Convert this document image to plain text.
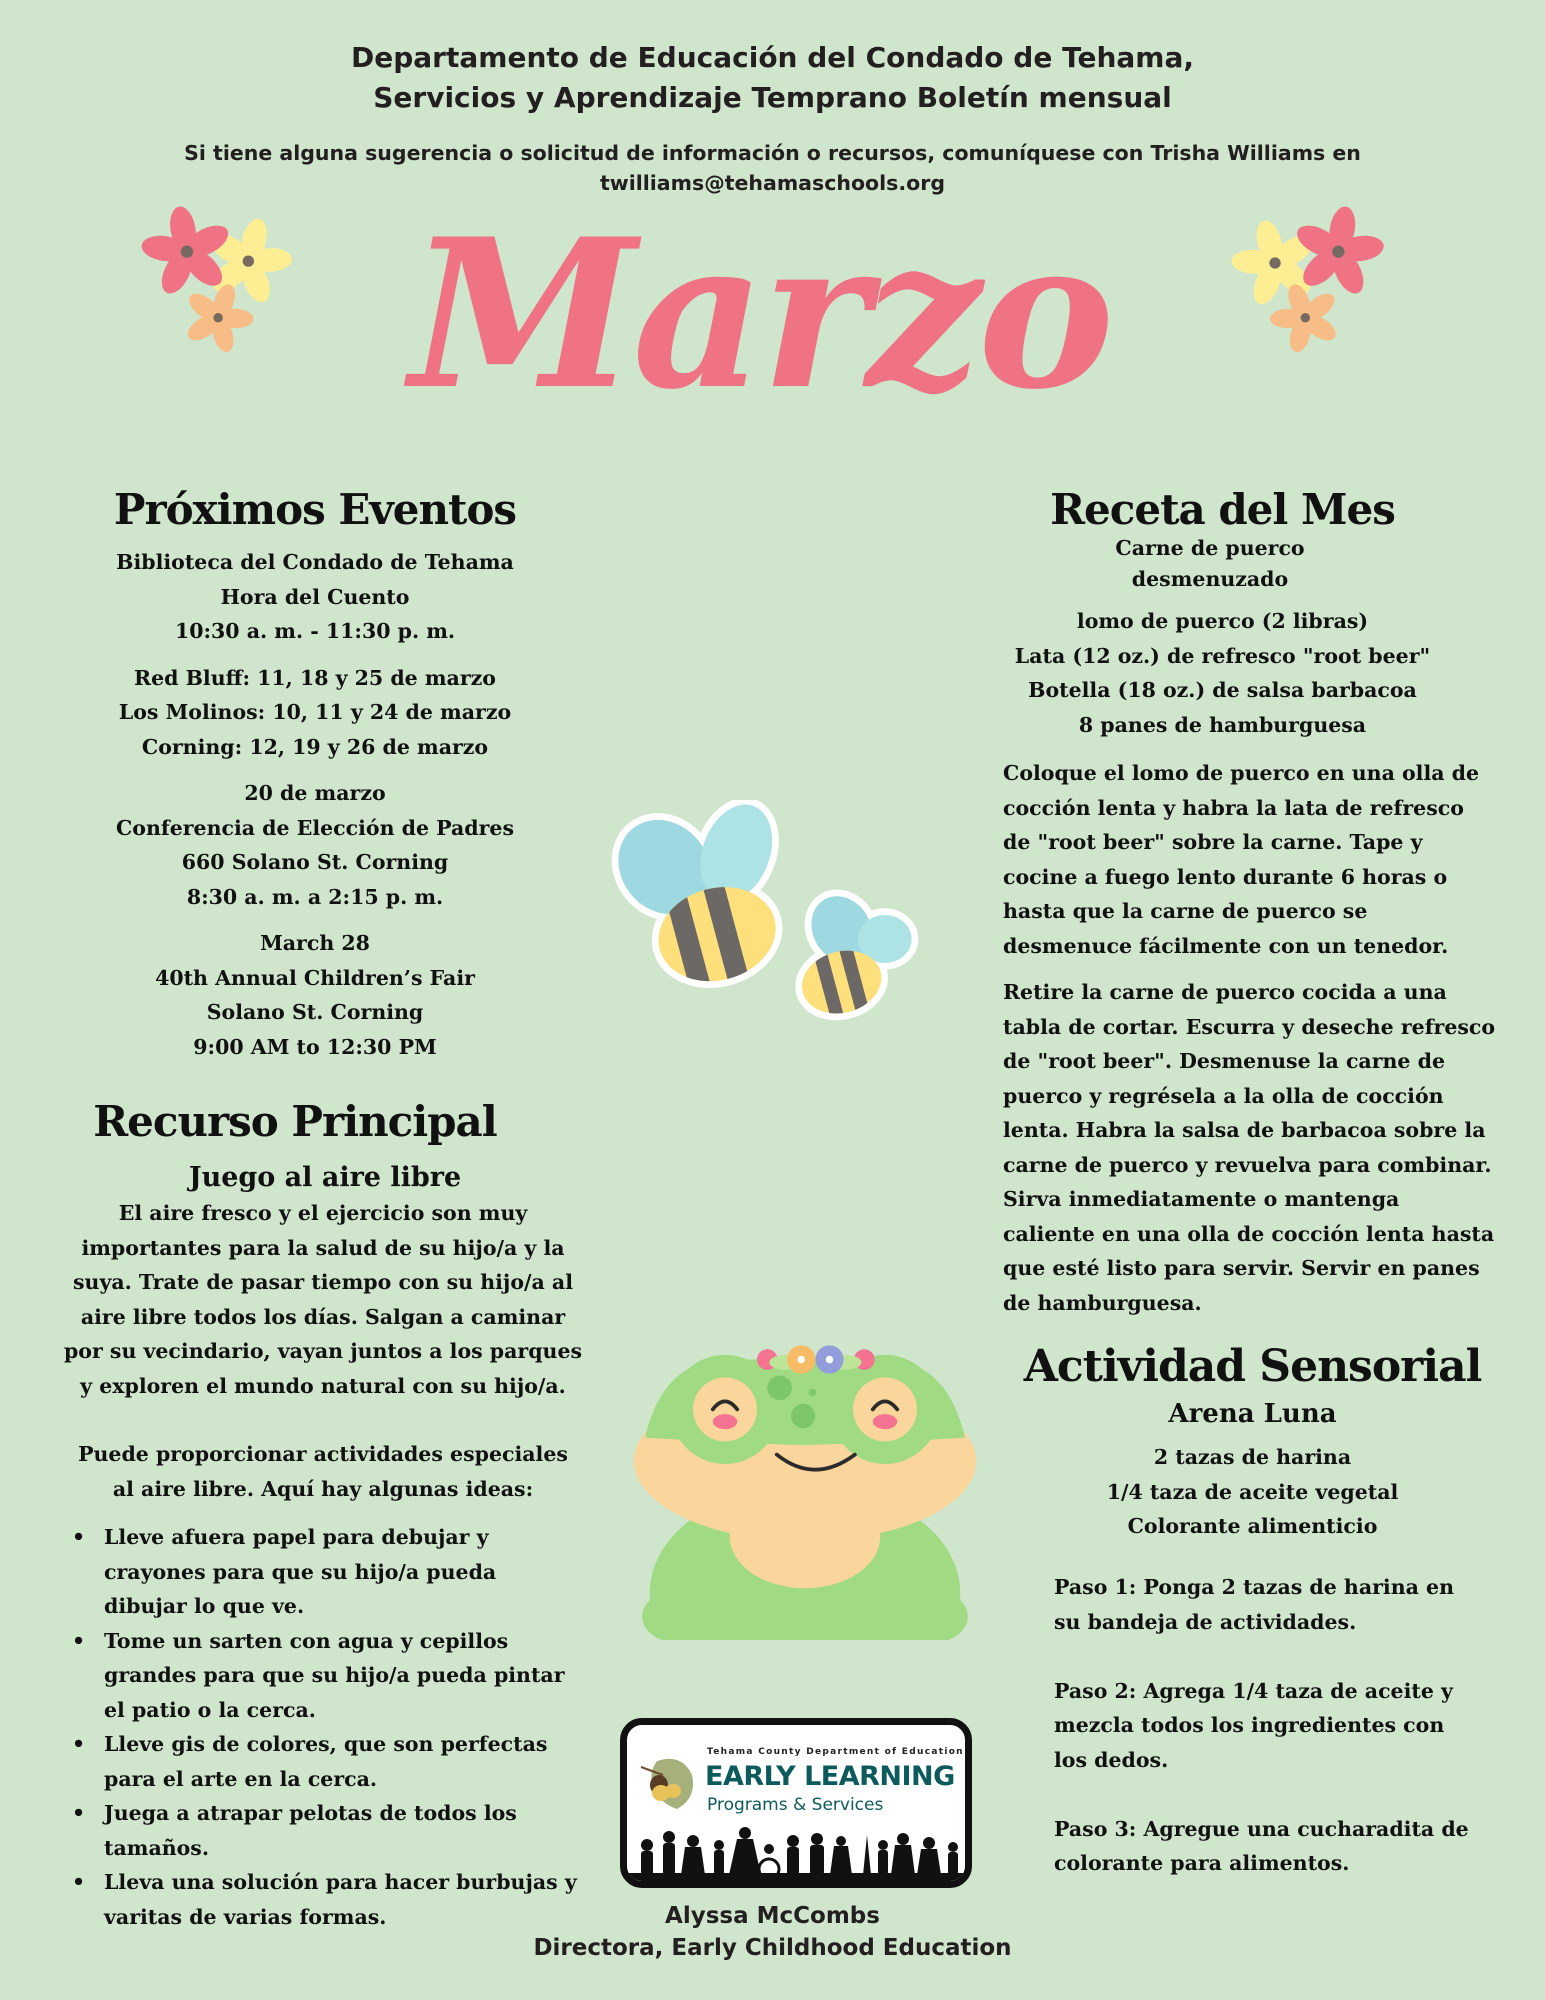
Departamento de Educación del Condado de Tehama,
Servicios y Aprendizaje Temprano Boletín mensual
Si tiene alguna sugerencia o solicitud de información o recursos, comuníquese con Trisha Williams en
twilliams@tehamaschools.org
Marzo
Próximos Eventos
Biblioteca del Condado de Tehama
Hora del Cuento
10:30 a. m. - 11:30 p. m.
Red Bluff: 11, 18 y 25 de marzo
Los Molinos: 10, 11 y 24 de marzo
Corning: 12, 19 y 26 de marzo
20 de marzo
Conferencia de Elección de Padres
660 Solano St. Corning
8:30 a. m. a 2:15 p. m.
March 28
40th Annual Children’s Fair
Solano St. Corning
9:00 AM to 12:30 PM
Recurso Principal
Juego al aire libre
El aire fresco y el ejercicio son muy
importantes para la salud de su hijo/a y la
suya. Trate de pasar tiempo con su hijo/a al
aire libre todos los días. Salgan a caminar
por su vecindario, vayan juntos a los parques
y exploren el mundo natural con su hijo/a.
Puede proporcionar actividades especiales
al aire libre. Aquí hay algunas ideas:
• Lleve afuera papel para debujar y crayones para que su hijo/a pueda dibujar lo que ve.
• Tome un sarten con agua y cepillos grandes para que su hijo/a pueda pintar el patio o la cerca.
• Lleve gis de colores, que son perfectas para el arte en la cerca.
• Juega a atrapar pelotas de todos los tamaños.
• Lleva una solución para hacer burbujas y varitas de varias formas.
Receta del Mes
Carne de puerco
desmenuzado
lomo de puerco (2 libras)
Lata (12 oz.) de refresco "root beer"
Botella (18 oz.) de salsa barbacoa
8 panes de hamburguesa

Coloque el lomo de puerco en una olla de cocción lenta y habra la lata de refresco de "root beer" sobre la carne. Tape y cocine a fuego lento durante 6 horas o hasta que la carne de puerco se desmenuce fácilmente con un tenedor.

Retire la carne de puerco cocida a una tabla de cortar. Escurra y deseche refresco de "root beer". Desmenuse la carne de puerco y regrésela a la olla de cocción lenta. Habra la salsa de barbacoa sobre la carne de puerco y revuelva para combinar. Sirva inmediatamente o mantenga caliente en una olla de cocción lenta hasta que esté listo para servir. Servir en panes de hamburguesa.

Actividad Sensorial
Arena Luna
2 tazas de harina
1/4 taza de aceite vegetal
Colorante alimenticio

Paso 1: Ponga 2 tazas de harina en su bandeja de actividades.

Paso 2: Agrega 1/4 taza de aceite y mezcla todos los ingredientes con los dedos.

Paso 3: Agregue una cucharadita de colorante para alimentos.

Tehama County Department of Education
EARLY LEARNING
Programs & Services
Alyssa McCombs
Directora, Early Childhood Education
